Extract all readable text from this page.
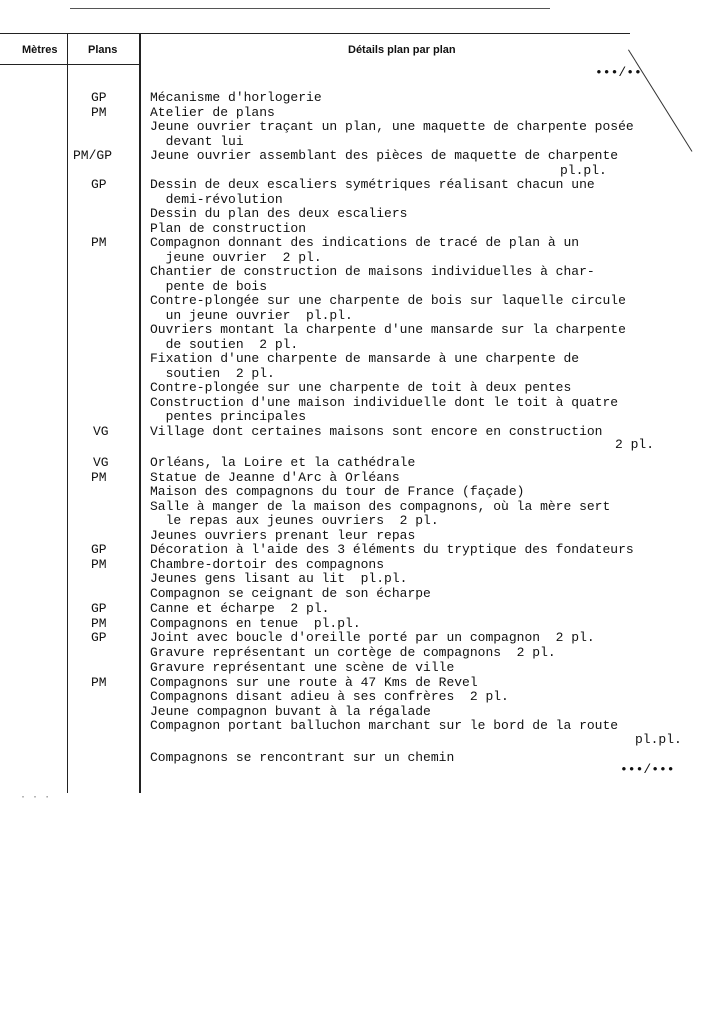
Mètres	Plans	Détails plan par plan
•••/••
GP	Mécanisme d'horlogerie
PM	Atelier de plans
Jeune ouvrier traçant un plan, une maquette de charpente posée
devant lui
PM/GP	Jeune ouvrier assemblant des pièces de maquette de charpente
pl.pl.
GP	Dessin de deux escaliers symétriques réalisant chacun une
demi-révolution
Dessin du plan des deux escaliers
Plan de construction
PM	Compagnon donnant des indications de tracé de plan à un
jeune ouvrier  2 pl.
Chantier de construction de maisons individuelles à char-
pente de bois
Contre-plongée sur une charpente de bois sur laquelle circule
un jeune ouvrier  pl.pl.
Ouvriers montant la charpente d'une mansarde sur la charpente
de soutien  2 pl.
Fixation d'une charpente de mansarde à une charpente de
soutien  2 pl.
Contre-plongée sur une charpente de toit à deux pentes
Construction d'une maison individuelle dont le toit à quatre
pentes principales
VG	Village dont certaines maisons sont encore en construction
2 pl.
VG	Orléans, la Loire et la cathédrale
PM	Statue de Jeanne d'Arc à Orléans
Maison des compagnons du tour de France (façade)
Salle à manger de la maison des compagnons, où la mère sert
le repas aux jeunes ouvriers  2 pl.
Jeunes ouvriers prenant leur repas
GP	Décoration à l'aide des 3 éléments du tryptique des fondateurs
PM	Chambre-dortoir des compagnons
Jeunes gens lisant au lit  pl.pl.
Compagnon se ceignant de son écharpe
GP	Canne et écharpe  2 pl.
PM	Compagnons en tenue  pl.pl.
GP	Joint avec boucle d'oreille porté par un compagnon  2 pl.
Gravure représentant un cortège de compagnons  2 pl.
Gravure représentant une scène de ville
PM	Compagnons sur une route à 47 Kms de Revel
Compagnons disant adieu à ses confrères  2 pl.
Jeune compagnon buvant à la régalade
Compagnon portant balluchon marchant sur le bord de la route
pl.pl.
Compagnons se rencontrant sur un chemin
•••/•••
· · ·
